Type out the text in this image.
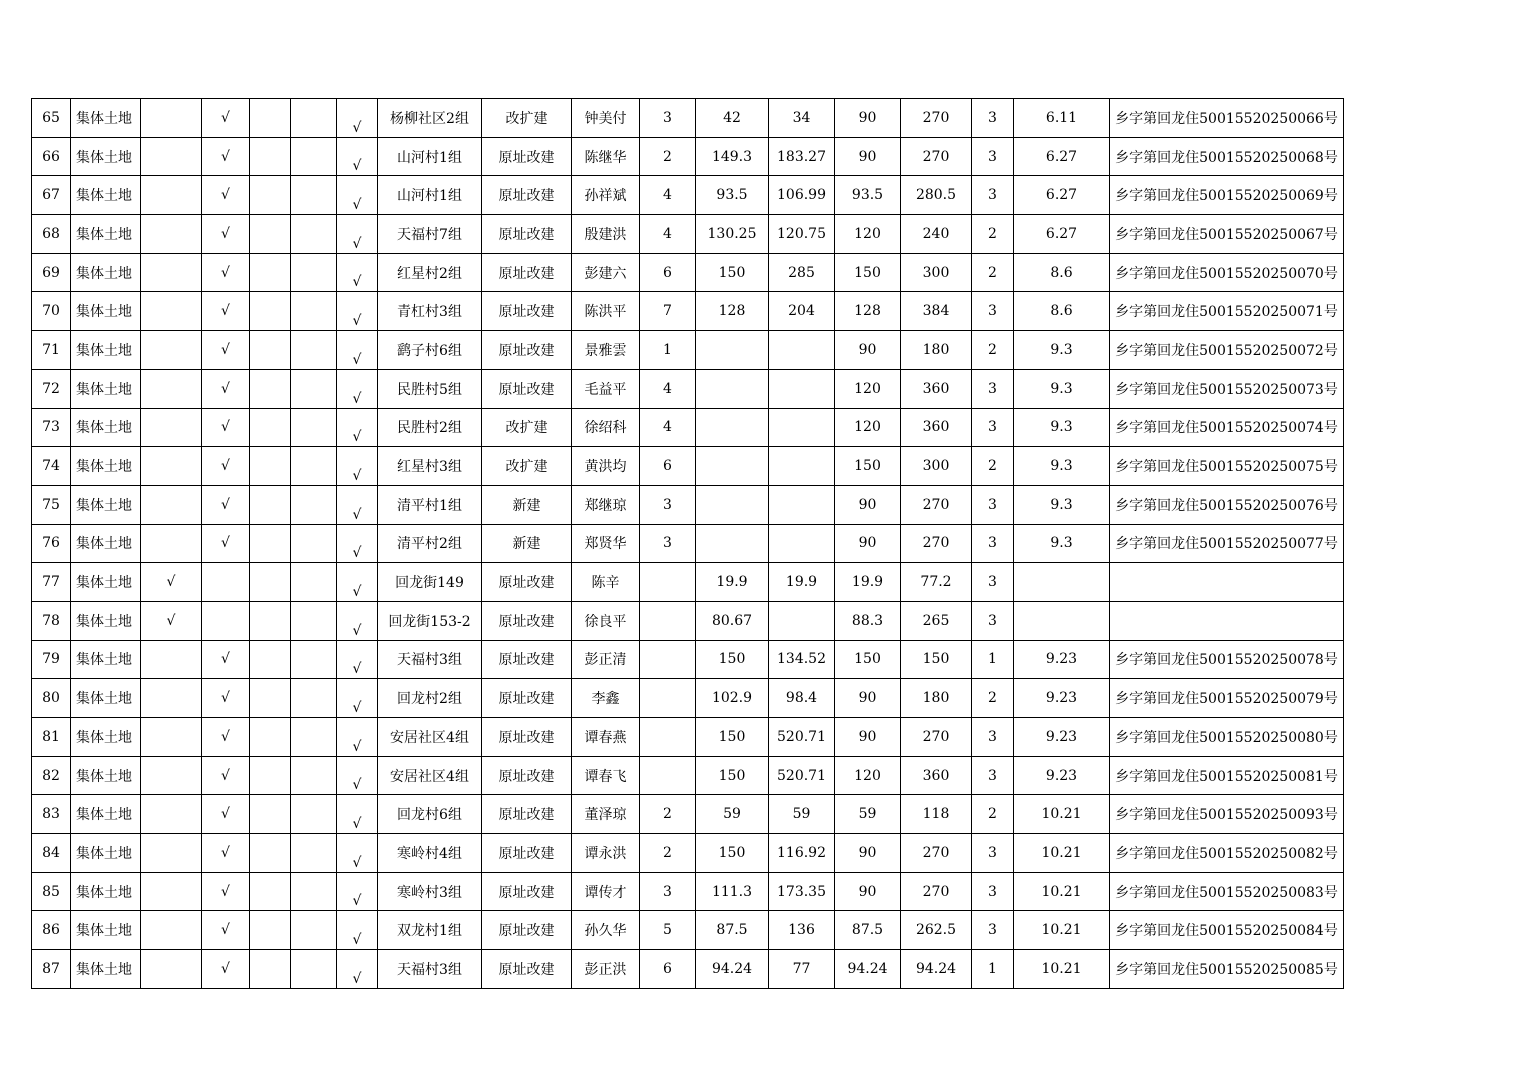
65	集体土地		√			√	杨柳社区2组	改扩建	钟美付	3	42	34	90	270	3	6.11	乡字第回龙住50015520250066号
66	集体土地		√			√	山河村1组	原址改建	陈继华	2	149.3	183.27	90	270	3	6.27	乡字第回龙住50015520250068号
67	集体土地		√			√	山河村1组	原址改建	孙祥斌	4	93.5	106.99	93.5	280.5	3	6.27	乡字第回龙住50015520250069号
68	集体土地		√			√	天福村7组	原址改建	殷建洪	4	130.25	120.75	120	240	2	6.27	乡字第回龙住50015520250067号
69	集体土地		√			√	红星村2组	原址改建	彭建六	6	150	285	150	300	2	8.6	乡字第回龙住50015520250070号
70	集体土地		√			√	青杠村3组	原址改建	陈洪平	7	128	204	128	384	3	8.6	乡字第回龙住50015520250071号
71	集体土地		√			√	鹞子村6组	原址改建	景雅雲	1			90	180	2	9.3	乡字第回龙住50015520250072号
72	集体土地		√			√	民胜村5组	原址改建	毛益平	4			120	360	3	9.3	乡字第回龙住50015520250073号
73	集体土地		√			√	民胜村2组	改扩建	徐绍科	4			120	360	3	9.3	乡字第回龙住50015520250074号
74	集体土地		√			√	红星村3组	改扩建	黄洪均	6			150	300	2	9.3	乡字第回龙住50015520250075号
75	集体土地		√			√	清平村1组	新建	郑继琼	3			90	270	3	9.3	乡字第回龙住50015520250076号
76	集体土地		√			√	清平村2组	新建	郑贤华	3			90	270	3	9.3	乡字第回龙住50015520250077号
77	集体土地	√				√	回龙街149	原址改建	陈辛		19.9	19.9	19.9	77.2	3		
78	集体土地	√				√	回龙街153-2	原址改建	徐良平		80.67		88.3	265	3		
79	集体土地		√			√	天福村3组	原址改建	彭正清		150	134.52	150	150	1	9.23	乡字第回龙住50015520250078号
80	集体土地		√			√	回龙村2组	原址改建	李鑫		102.9	98.4	90	180	2	9.23	乡字第回龙住50015520250079号
81	集体土地		√			√	安居社区4组	原址改建	谭春燕		150	520.71	90	270	3	9.23	乡字第回龙住50015520250080号
82	集体土地		√			√	安居社区4组	原址改建	谭春飞		150	520.71	120	360	3	9.23	乡字第回龙住50015520250081号
83	集体土地		√			√	回龙村6组	原址改建	董泽琼	2	59	59	59	118	2	10.21	乡字第回龙住50015520250093号
84	集体土地		√			√	寒岭村4组	原址改建	谭永洪	2	150	116.92	90	270	3	10.21	乡字第回龙住50015520250082号
85	集体土地		√			√	寒岭村3组	原址改建	谭传才	3	111.3	173.35	90	270	3	10.21	乡字第回龙住50015520250083号
86	集体土地		√			√	双龙村1组	原址改建	孙久华	5	87.5	136	87.5	262.5	3	10.21	乡字第回龙住50015520250084号
87	集体土地		√			√	天福村3组	原址改建	彭正洪	6	94.24	77	94.24	94.24	1	10.21	乡字第回龙住50015520250085号
